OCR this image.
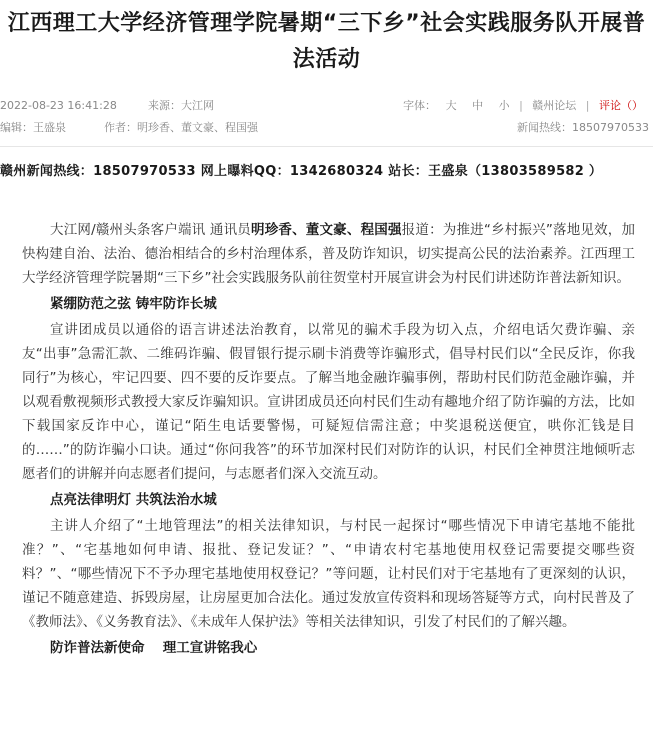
江西理工大学经济管理学院暑期“三下乡”社会实践服务队开展普法活动
2022-08-23 16:41:28	来源：大江网	字体： 大 中 小 | 赣州论坛 | 评论（）
编辑：王盛泉	作者：明珍香、董文豪、程国强	新闻热线：18507970533
赣州新闻热线：18507970533 网上曝料QQ：1342680324 站长：王盛泉（13803589582 ）

大江网/赣州头条客户端讯 通讯员明珍香、董文豪、程国强报道：为推进“乡村振兴”落地见效，加快构建自治、法治、德治相结合的乡村治理体系，普及防诈知识，切实提高公民的法治素养。江西理工大学经济管理学院暑期“三下乡”社会实践服务队前往贺堂村开展宣讲会为村民们讲述防诈普法新知识。

紧绷防范之弦 铸牢防诈长城

宣讲团成员以通俗的语言讲述法治教育，以常见的骗术手段为切入点，介绍电话欠费诈骗、亲友“出事”急需汇款、二维码诈骗、假冒银行提示刷卡消费等诈骗形式，倡导村民们以“全民反诈，你我同行”为核心，牢记四要、四不要的反诈要点。了解当地金融诈骗事例，帮助村民们防范金融诈骗，并以观看敷视频形式教授大家反诈骗知识。宣讲团成员还向村民们生动有趣地介绍了防诈骗的方法，比如下载国家反诈中心，谨记“陌生电话要警惕，可疑短信需注意；中奖退税送便宜，哄你汇钱是目的……”的防诈骗小口诀。通过“你问我答”的环节加深村民们对防诈的认识，村民们全神贯注地倾听志愿者们的讲解并向志愿者们提问，与志愿者们深入交流互动。

点亮法律明灯 共筑法治水城

主讲人介绍了“土地管理法”的相关法律知识，与村民一起探讨“哪些情况下申请宅基地不能批准？”、“宅基地如何申请、报批、登记发证？”、“申请农村宅基地使用权登记需要提交哪些资料？”、“哪些情况下不予办理宅基地使用权登记？”等问题，让村民们对于宅基地有了更深刻的认识，谨记不随意建造、拆毁房屋，让房屋更加合法化。通过发放宣传资料和现场答疑等方式，向村民普及了《教师法》、《义务教育法》、《未成年人保护法》等相关法律知识，引发了村民们的了解兴趣。

防诈普法新使命　 理工宣讲铭我心
